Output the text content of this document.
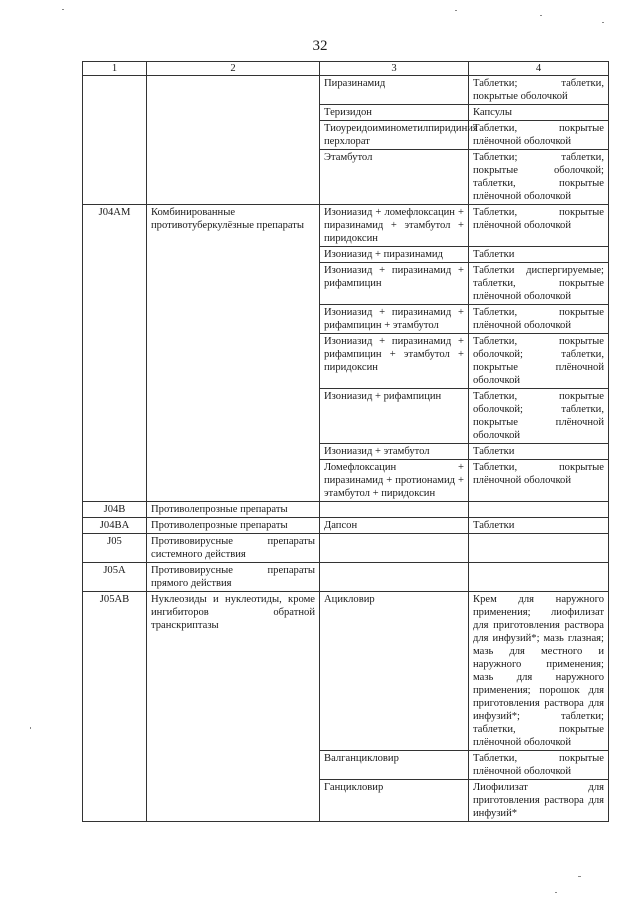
32
1	2	3	4
		Пиразинамид	Таблетки; таблетки, покрытые оболочкой
		Теризидон	Капсулы
		Тиоуреидоиминометилпиридиния перхлорат	Таблетки, покрытые плёночной оболочкой
		Этамбутол	Таблетки; таблетки, покрытые оболочкой; таблетки, покрытые плёночной оболочкой
J04AM	Комбинированные противотуберкулёзные препараты	Изониазид + ломефлоксацин + пиразинамид + этамбутол + пиридоксин	Таблетки, покрытые плёночной оболочкой
		Изониазид + пиразинамид	Таблетки
		Изониазид + пиразинамид + рифампицин	Таблетки диспергируемые; таблетки, покрытые плёночной оболочкой
		Изониазид + пиразинамид + рифампицин + этамбутол	Таблетки, покрытые плёночной оболочкой
		Изониазид + пиразинамид + рифампицин + этамбутол + пиридоксин	Таблетки, покрытые оболочкой; таблетки, покрытые плёночной оболочкой
		Изониазид + рифампицин	Таблетки, покрытые оболочкой; таблетки, покрытые плёночной оболочкой
		Изониазид + этамбутол	Таблетки
		Ломефлоксацин + пиразинамид + протионамид + этамбутол + пиридоксин	Таблетки, покрытые плёночной оболочкой
J04B	Противолепрозные препараты		
J04BA	Противолепрозные препараты	Дапсон	Таблетки
J05	Противовирусные препараты системного действия		
J05A	Противовирусные препараты прямого действия		
J05AB	Нуклеозиды и нуклеотиды, кроме ингибиторов обратной транскриптазы	Ацикловир	Крем для наружного применения; лиофилизат для приготовления раствора для инфузий*; мазь глазная; мазь для местного и наружного применения; мазь для наружного применения; порошок для приготовления раствора для инфузий*; таблетки; таблетки, покрытые плёночной оболочкой
		Валганцикловир	Таблетки, покрытые плёночной оболочкой
		Ганцикловир	Лиофилизат для приготовления раствора для инфузий*
